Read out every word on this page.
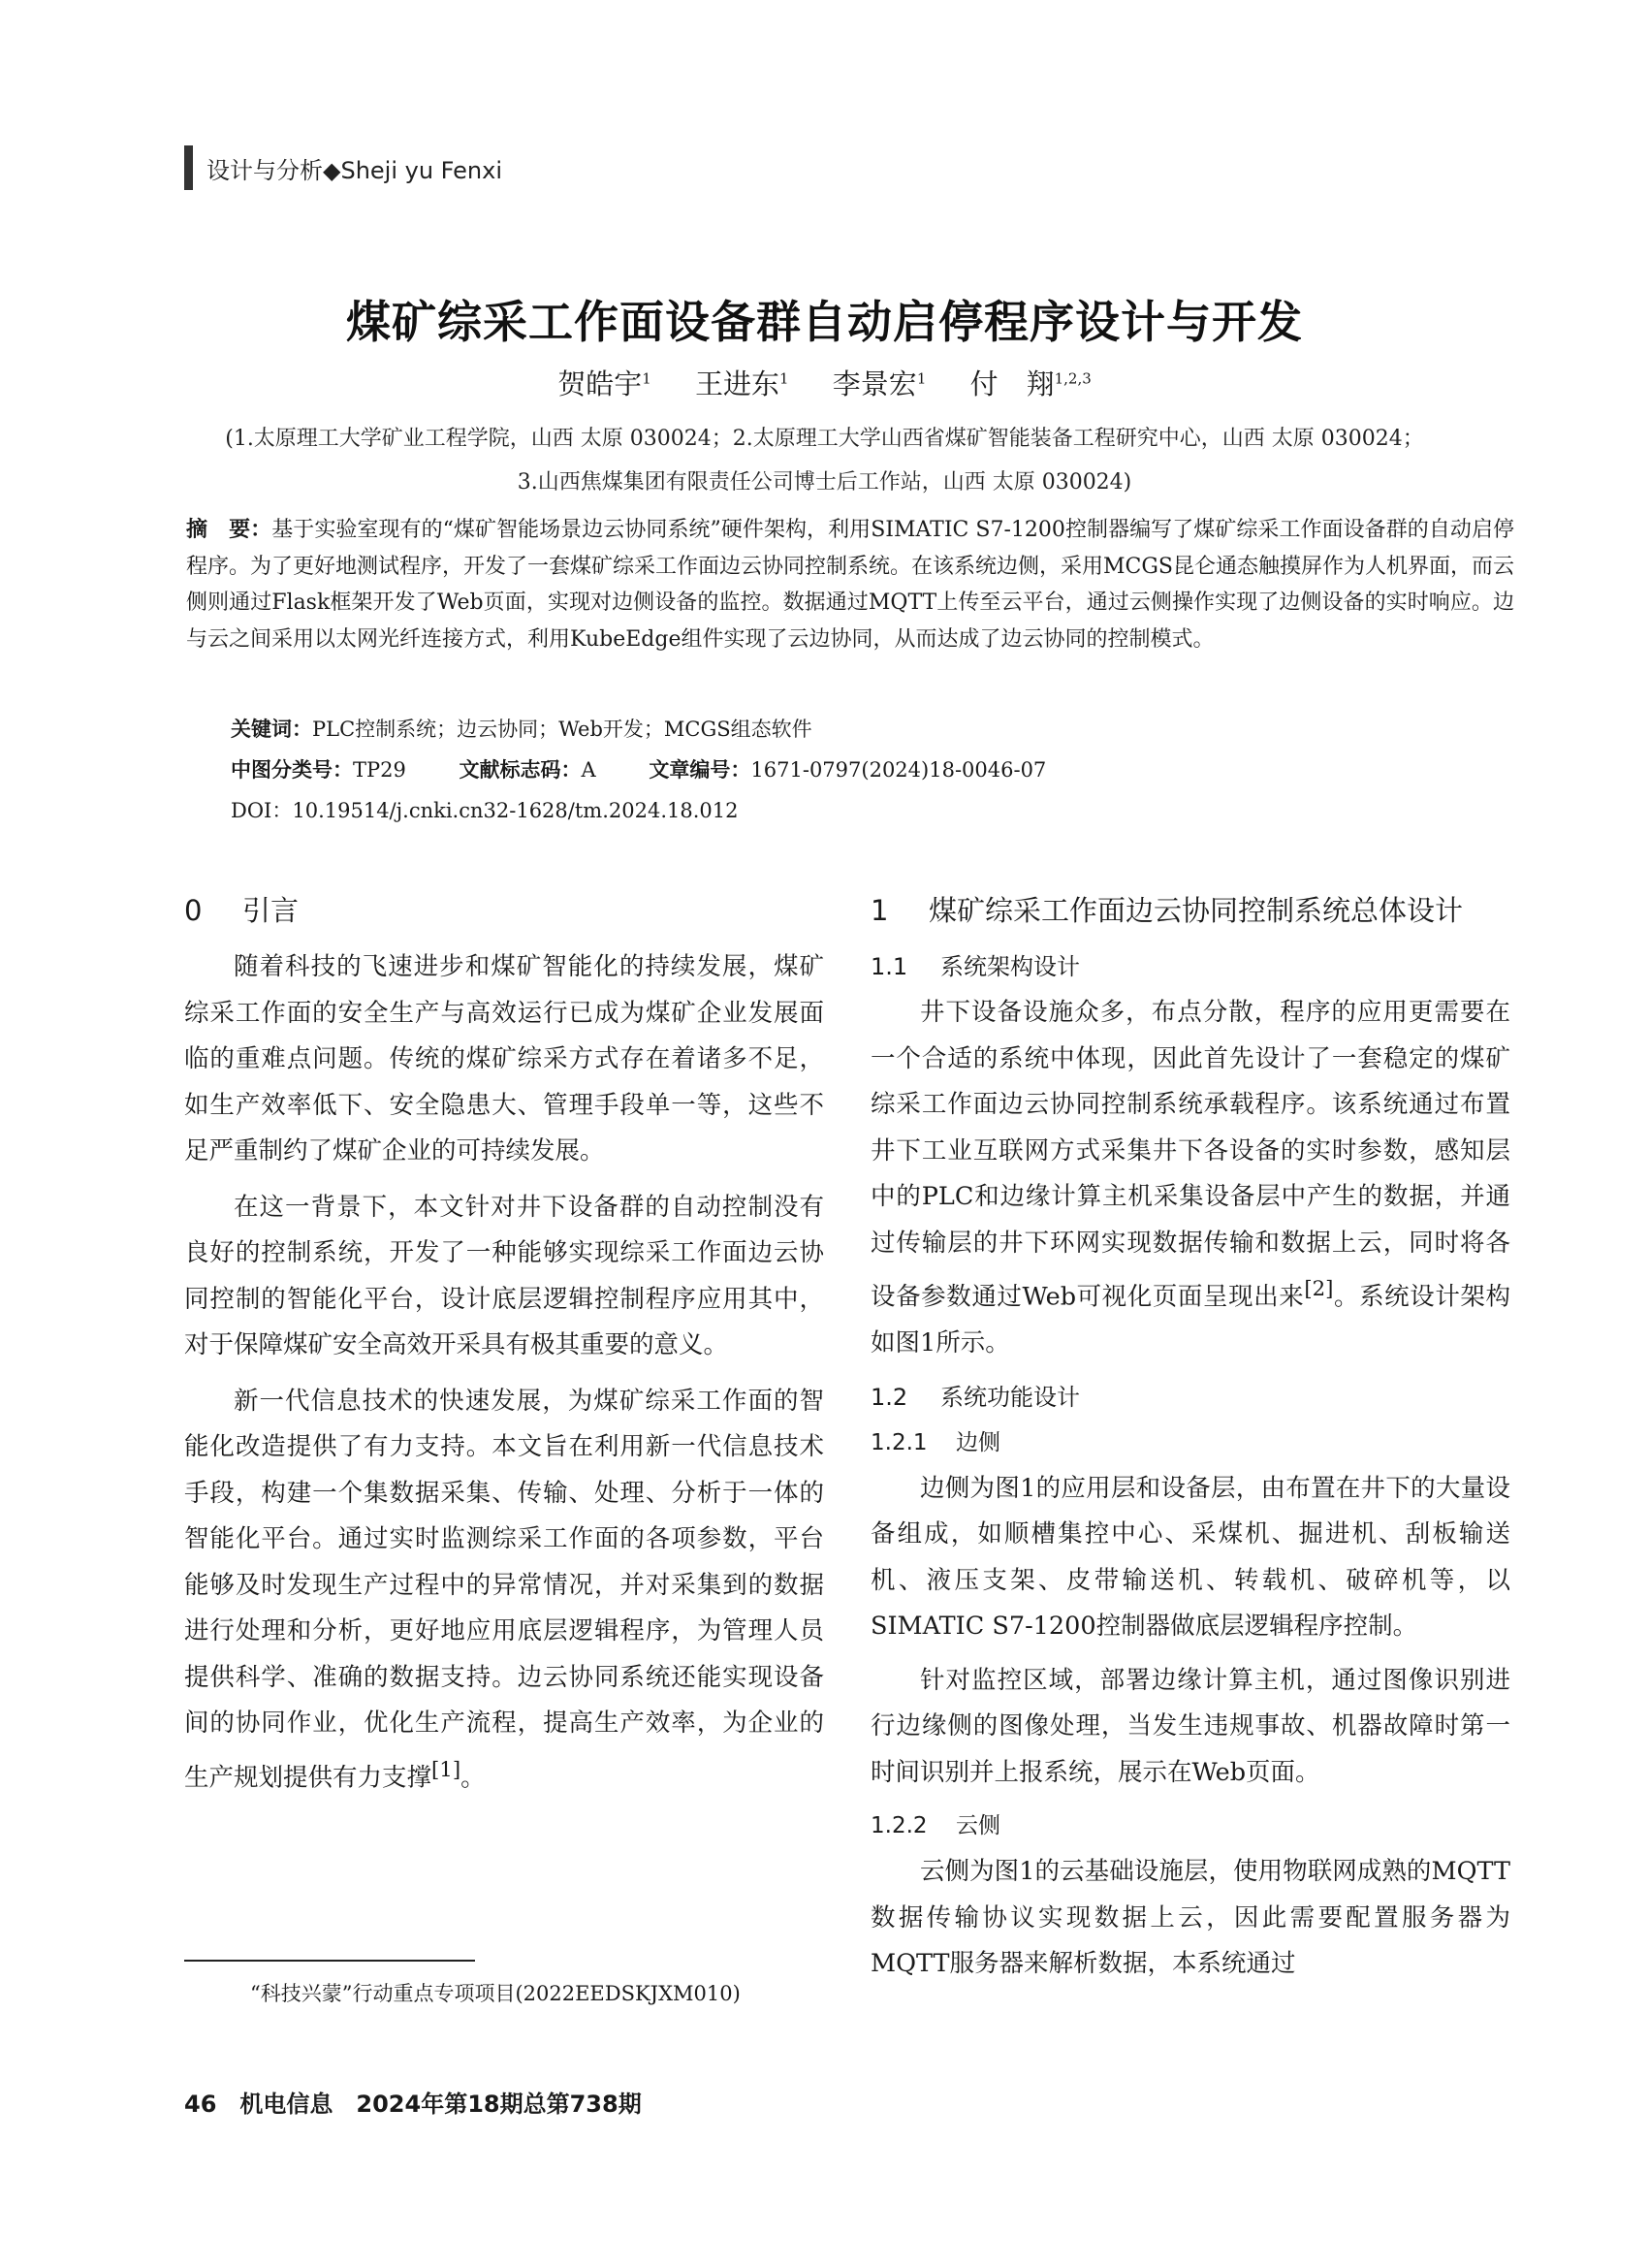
设计与分析◆Sheji yu Fenxi
煤矿综采工作面设备群自动启停程序设计与开发
贺皓宇$^1$ 王进东$^1$ 李景宏$^1$ 付　翔$^{1,2,3}$
(1.太原理工大学矿业工程学院，山西 太原 030024；2.太原理工大学山西省煤矿智能装备工程研究中心，山西 太原 030024；
3.山西焦煤集团有限责任公司博士后工作站，山西 太原 030024)
摘　要：基于实验室现有的“煤矿智能场景边云协同系统”硬件架构，利用SIMATIC S7-1200控制器编写了煤矿综采工作面设备群的自动启停程序。为了更好地测试程序，开发了一套煤矿综采工作面边云协同控制系统。在该系统边侧，采用MCGS昆仑通态触摸屏作为人机界面，而云侧则通过Flask框架开发了Web页面，实现对边侧设备的监控。数据通过MQTT上传至云平台，通过云侧操作实现了边侧设备的实时响应。边与云之间采用以太网光纤连接方式，利用KubeEdge组件实现了云边协同，从而达成了边云协同的控制模式。
关键词：PLC控制系统；边云协同；Web开发；MCGS组态软件
中图分类号：TP29	文献标志码：A	文章编号：1671-0797(2024)18-0046-07
DOI：10.19514/j.cnki.cn32-1628/tm.2024.18.012
0 引言

随着科技的飞速进步和煤矿智能化的持续发展，煤矿综采工作面的安全生产与高效运行已成为煤矿企业发展面临的重难点问题。传统的煤矿综采方式存在着诸多不足，如生产效率低下、安全隐患大、管理手段单一等，这些不足严重制约了煤矿企业的可持续发展。

在这一背景下，本文针对井下设备群的自动控制没有良好的控制系统，开发了一种能够实现综采工作面边云协同控制的智能化平台，设计底层逻辑控制程序应用其中，对于保障煤矿安全高效开采具有极其重要的意义。

新一代信息技术的快速发展，为煤矿综采工作面的智能化改造提供了有力支持。本文旨在利用新一代信息技术手段，构建一个集数据采集、传输、处理、分析于一体的智能化平台。通过实时监测综采工作面的各项参数，平台能够及时发现生产过程中的异常情况，并对采集到的数据进行处理和分析，更好地应用底层逻辑程序，为管理人员提供科学、准确的数据支持。边云协同系统还能实现设备间的协同作业，优化生产流程，提高生产效率，为企业的生产规划提供有力支撑[1]。

1 煤矿综采工作面边云协同控制系统总体设计
1.1 系统架构设计

井下设备设施众多，布点分散，程序的应用更需要在一个合适的系统中体现，因此首先设计了一套稳定的煤矿综采工作面边云协同控制系统承载程序。该系统通过布置井下工业互联网方式采集井下各设备的实时参数，感知层中的PLC和边缘计算主机采集设备层中产生的数据，并通过传输层的井下环网实现数据传输和数据上云，同时将各设备参数通过Web可视化页面呈现出来[2]。系统设计架构如图1所示。

1.2 系统功能设计
1.2.1 边侧

边侧为图1的应用层和设备层，由布置在井下的大量设备组成，如顺槽集控中心、采煤机、掘进机、刮板输送机、液压支架、皮带输送机、转载机、破碎机等，以SIMATIC S7-1200控制器做底层逻辑程序控制。

针对监控区域，部署边缘计算主机，通过图像识别进行边缘侧的图像处理，当发生违规事故、机器故障时第一时间识别并上报系统，展示在Web页面。

1.2.2 云侧

云侧为图1的云基础设施层，使用物联网成熟的MQTT数据传输协议实现数据上云，因此需要配置服务器为MQTT服务器来解析数据，本系统通过

“科技兴蒙”行动重点专项项目(2022EEDSKJXM010)
46 机电信息 2024年第18期总第738期
